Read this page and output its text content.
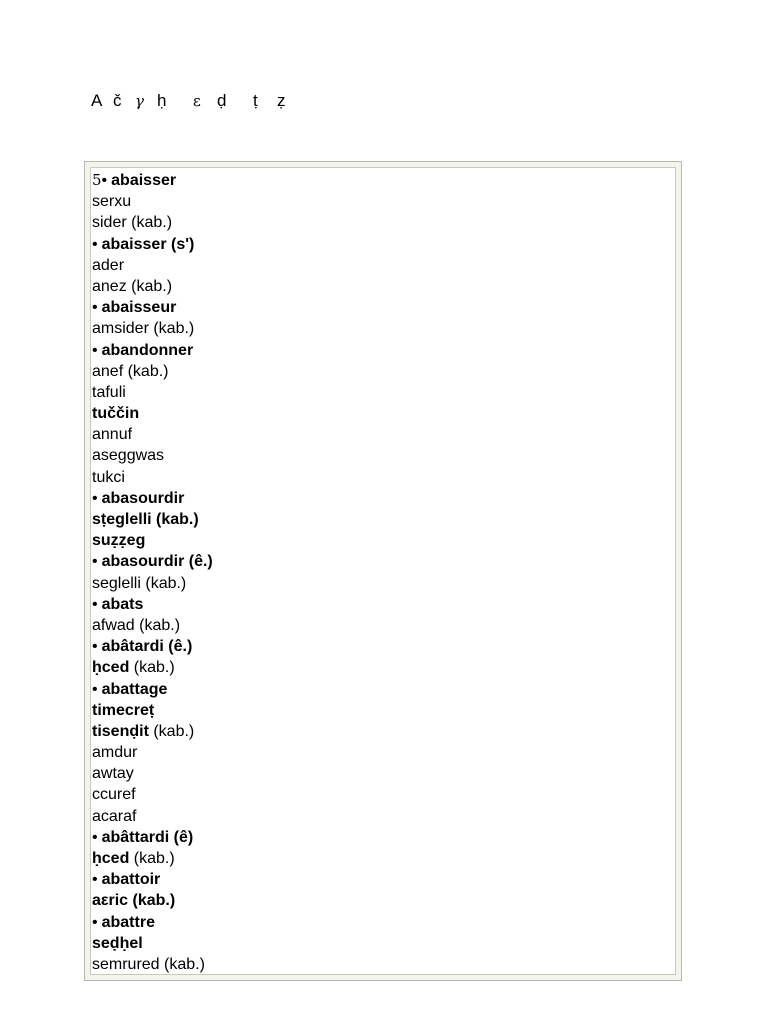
A č γ ḥ	ε ḍ	ṭ	ẓ
5• abaisser
serxu
sider (kab.)
• abaisser (s')
ader
anez (kab.)
• abaisseur
amsider (kab.)
• abandonner
anef (kab.)
tafuli
tuččin
annuf
aseggwas
tukci
• abasourdir
sṭeglelli (kab.)
suẓẓeg
• abasourdir (ê.)
seglelli (kab.)
• abats
afwad (kab.)
• abâtardi (ê.)
ḥced (kab.)
• abattage
timecreṭ
tisenḍit (kab.)
amdur
awtay
ccuref
acaraf
• abâttardi (ê)
ḥced (kab.)
• abattoir
aεric (kab.)
• abattre
seḍḥel
semrured (kab.)
